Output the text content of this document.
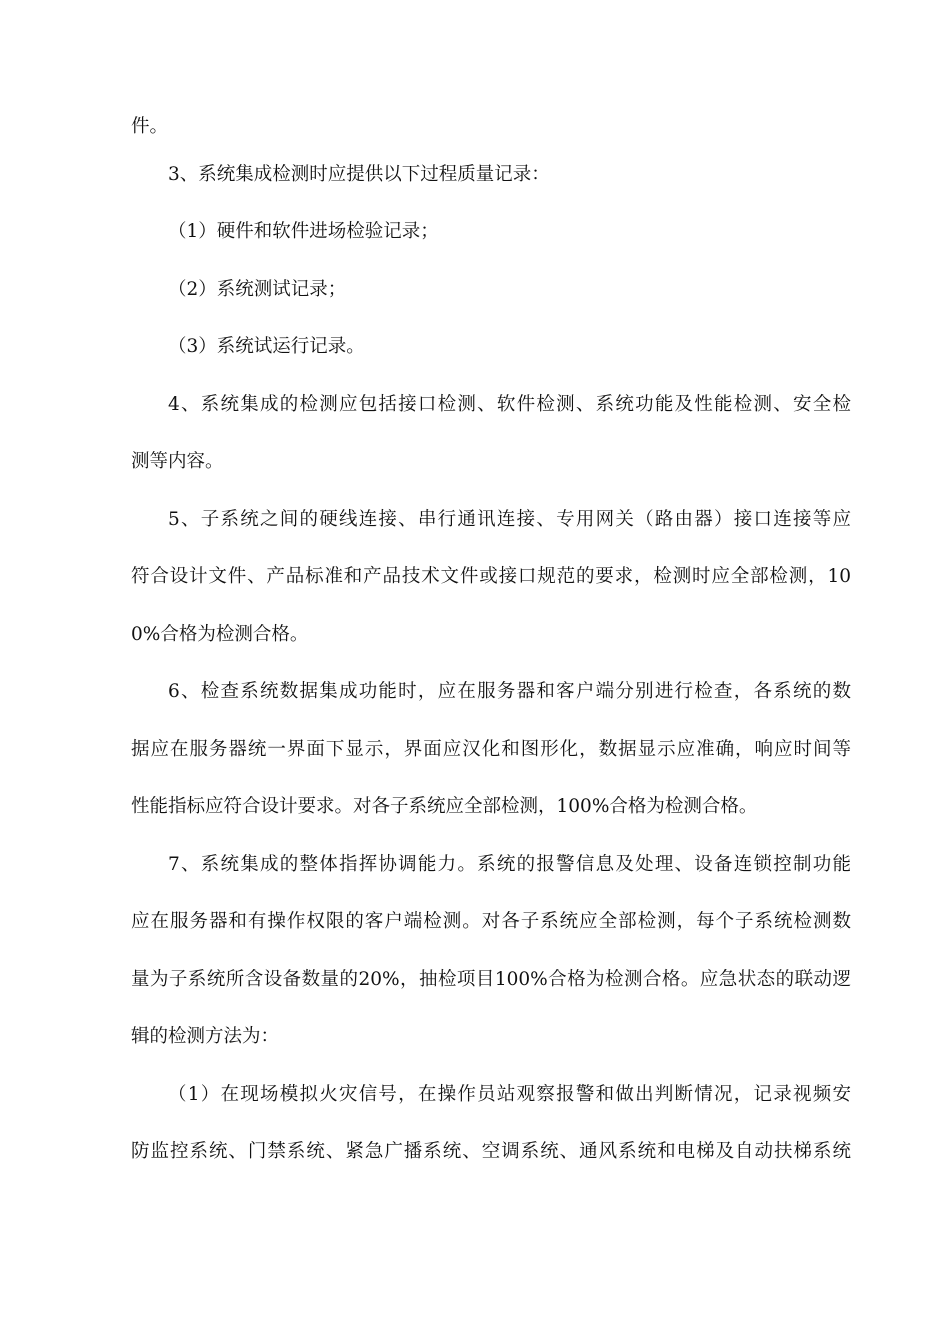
件。
3、系统集成检测时应提供以下过程质量记录：
（1）硬件和软件进场检验记录；
（2）系统测试记录；
（3）系统试运行记录。
4、系统集成的检测应包括接口检测、软件检测、系统功能及性能检测、安全检
测等内容。
5、子系统之间的硬线连接、串行通讯连接、专用网关（路由器）接口连接等应
符合设计文件、产品标准和产品技术文件或接口规范的要求，检测时应全部检测，10
0%合格为检测合格。
6、检查系统数据集成功能时，应在服务器和客户端分别进行检查，各系统的数
据应在服务器统一界面下显示，界面应汉化和图形化，数据显示应准确，响应时间等
性能指标应符合设计要求。对各子系统应全部检测，100%合格为检测合格。
7、系统集成的整体指挥协调能力。系统的报警信息及处理、设备连锁控制功能
应在服务器和有操作权限的客户端检测。对各子系统应全部检测，每个子系统检测数
量为子系统所含设备数量的20%，抽检项目100%合格为检测合格。应急状态的联动逻
辑的检测方法为：
（1）在现场模拟火灾信号，在操作员站观察报警和做出判断情况，记录视频安
防监控系统、门禁系统、紧急广播系统、空调系统、通风系统和电梯及自动扶梯系统
